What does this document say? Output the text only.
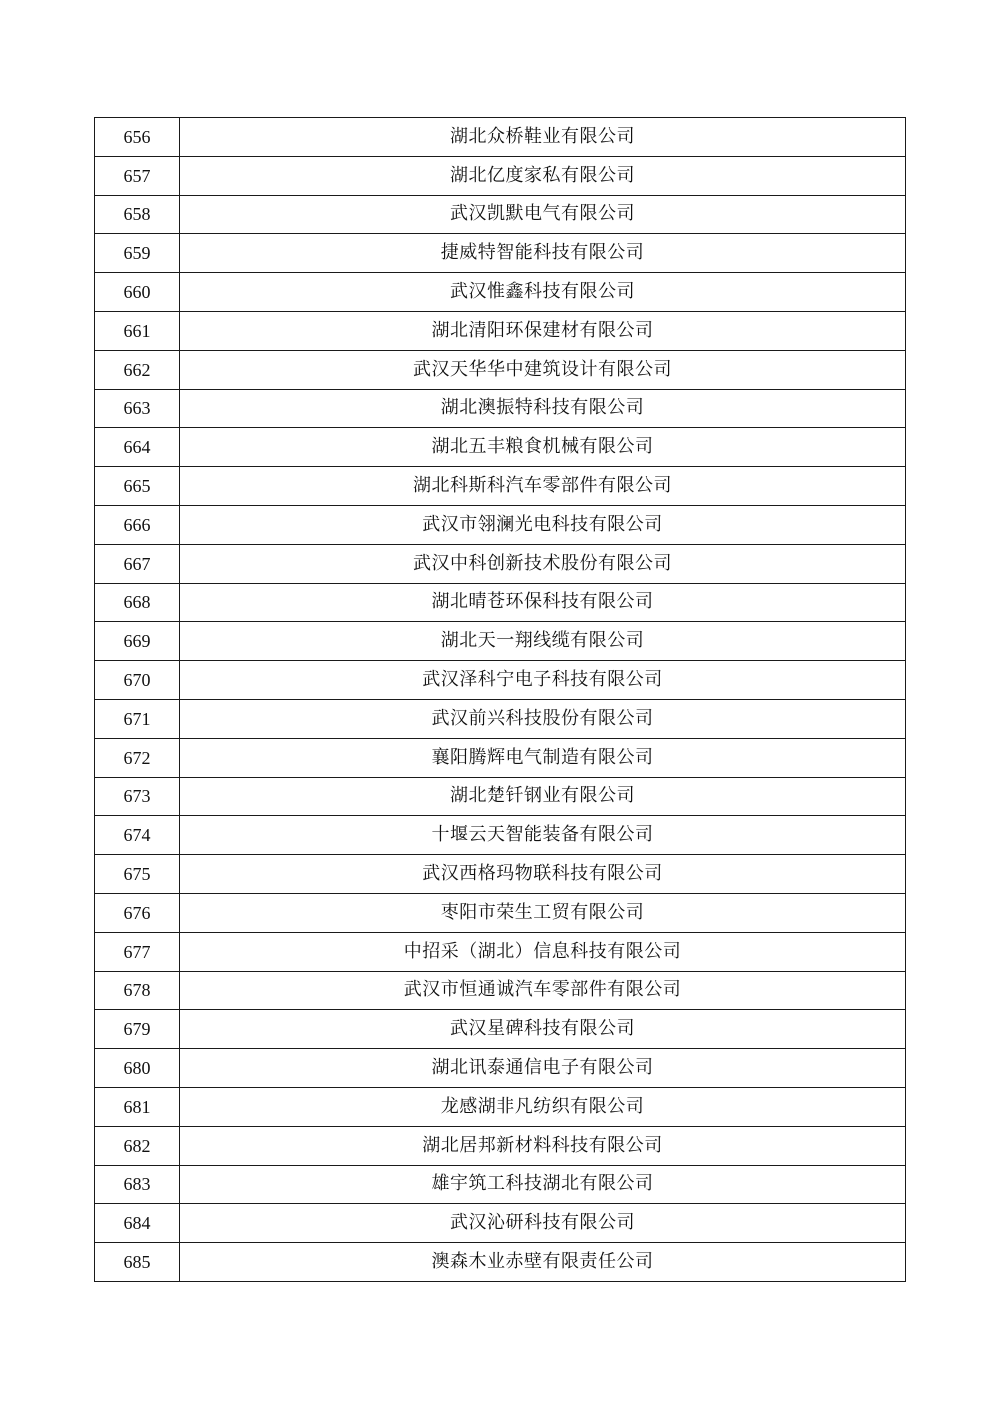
656	湖北众桥鞋业有限公司
657	湖北亿度家私有限公司
658	武汉凯默电气有限公司
659	捷威特智能科技有限公司
660	武汉惟鑫科技有限公司
661	湖北清阳环保建材有限公司
662	武汉天华华中建筑设计有限公司
663	湖北澳振特科技有限公司
664	湖北五丰粮食机械有限公司
665	湖北科斯科汽车零部件有限公司
666	武汉市翎澜光电科技有限公司
667	武汉中科创新技术股份有限公司
668	湖北晴苍环保科技有限公司
669	湖北天一翔线缆有限公司
670	武汉泽科宁电子科技有限公司
671	武汉前兴科技股份有限公司
672	襄阳腾辉电气制造有限公司
673	湖北楚钎钢业有限公司
674	十堰云天智能装备有限公司
675	武汉西格玛物联科技有限公司
676	枣阳市荣生工贸有限公司
677	中招采（湖北）信息科技有限公司
678	武汉市恒通诚汽车零部件有限公司
679	武汉星碑科技有限公司
680	湖北讯泰通信电子有限公司
681	龙感湖非凡纺织有限公司
682	湖北居邦新材料科技有限公司
683	雄宇筑工科技湖北有限公司
684	武汉沁研科技有限公司
685	澳森木业赤壁有限责任公司
